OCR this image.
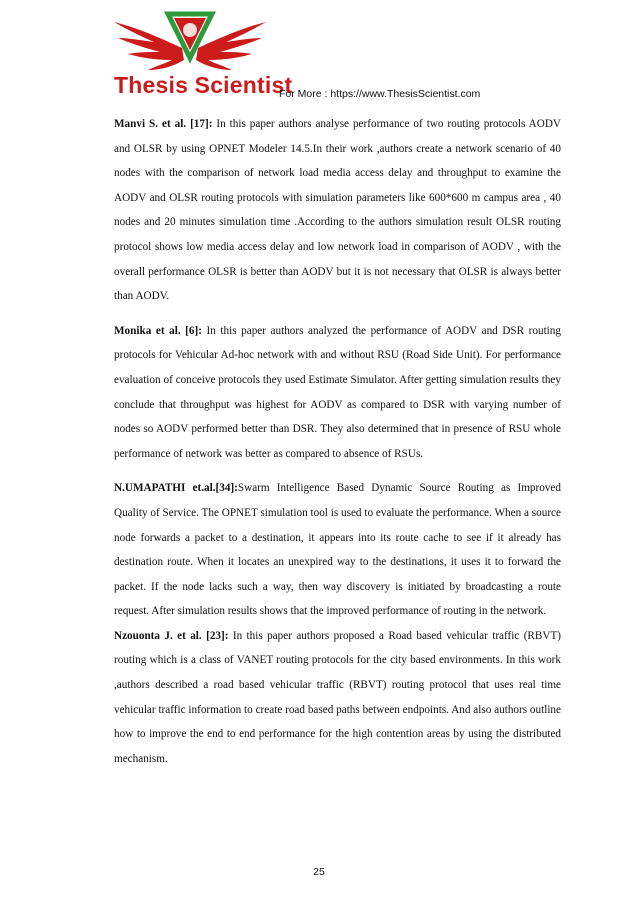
Thesis Scientist
For More : https://www.ThesisScientist.com

Manvi S. et al. [17]: In this paper authors analyse performance of two routing protocols AODV and OLSR by using OPNET Modeler 14.5.In their work ,authors create a network scenario of 40 nodes with the comparison of network load media access delay and throughput to examine the AODV and OLSR routing protocols with simulation parameters like 600*600 m campus area , 40 nodes and 20 minutes simulation time .According to the authors simulation result OLSR routing protocol shows low media access delay and low network load in comparison of AODV , with the overall performance OLSR is better than AODV but it is not necessary that OLSR is always better than AODV.

Monika et al. [6]: In this paper authors analyzed the performance of AODV and DSR routing protocols for Vehicular Ad-hoc network with and without RSU (Road Side Unit). For performance evaluation of conceive protocols they used Estimate Simulator. After getting simulation results they conclude that throughput was highest for AODV as compared to DSR with varying number of nodes so AODV performed better than DSR. They also determined that in presence of RSU whole performance of network was better as compared to absence of RSUs.

N.UMAPATHI et.al.[34]:Swarm Intelligence Based Dynamic Source Routing as Improved Quality of Service. The OPNET simulation tool is used to evaluate the performance. When a source node forwards a packet to a destination, it appears into its route cache to see if it already has destination route. When it locates an unexpired way to the destinations, it uses it to forward the packet. If the node lacks such a way, then way discovery is initiated by broadcasting a route request. After simulation results shows that the improved performance of routing in the network.

Nzouonta J. et al. [23]: In this paper authors proposed a Road based vehicular traffic (RBVT) routing which is a class of VANET routing protocols for the city based environments. In this work ,authors described a road based vehicular traffic (RBVT) routing protocol that uses real time vehicular traffic information to create road based paths between endpoints. And also authors outline how to improve the end to end performance for the high contention areas by using the distributed mechanism.

25
